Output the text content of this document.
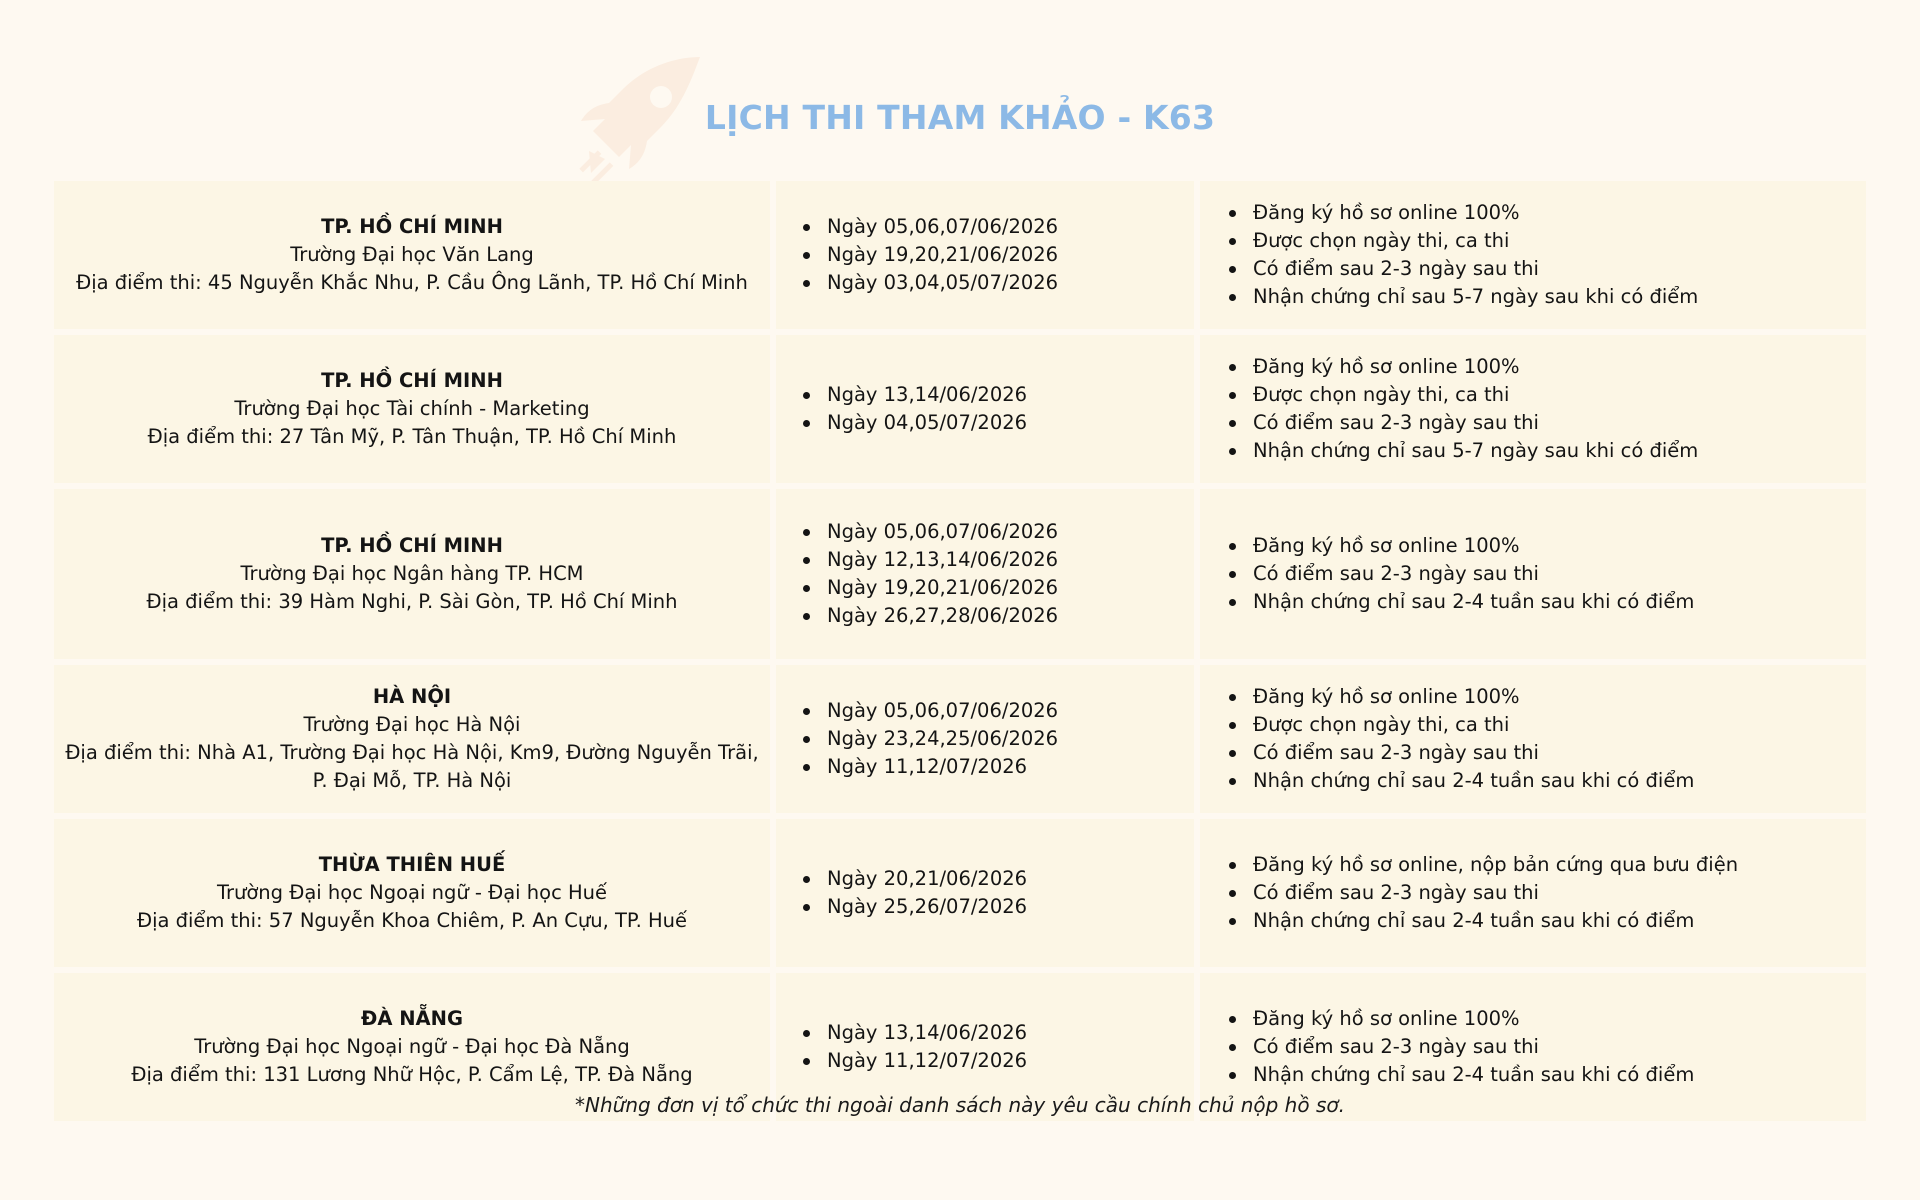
LỊCH THI THAM KHẢO - K63
TP. HỒ CHÍ MINH
Trường Đại học Văn Lang
Địa điểm thi: 45 Nguyễn Khắc Nhu, P. Cầu Ông Lãnh, TP. Hồ Chí Minh
Ngày 05,06,07/06/2026
Ngày 19,20,21/06/2026
Ngày 03,04,05/07/2026
Đăng ký hồ sơ online 100%
Được chọn ngày thi, ca thi
Có điểm sau 2-3 ngày sau thi
Nhận chứng chỉ sau 5-7 ngày sau khi có điểm
TP. HỒ CHÍ MINH
Trường Đại học Tài chính - Marketing
Địa điểm thi: 27 Tân Mỹ, P. Tân Thuận, TP. Hồ Chí Minh
Ngày 13,14/06/2026
Ngày 04,05/07/2026
Đăng ký hồ sơ online 100%
Được chọn ngày thi, ca thi
Có điểm sau 2-3 ngày sau thi
Nhận chứng chỉ sau 5-7 ngày sau khi có điểm
TP. HỒ CHÍ MINH
Trường Đại học Ngân hàng TP. HCM
Địa điểm thi: 39 Hàm Nghi, P. Sài Gòn, TP. Hồ Chí Minh
Ngày 05,06,07/06/2026
Ngày 12,13,14/06/2026
Ngày 19,20,21/06/2026
Ngày 26,27,28/06/2026
Đăng ký hồ sơ online 100%
Có điểm sau 2-3 ngày sau thi
Nhận chứng chỉ sau 2-4 tuần sau khi có điểm
HÀ NỘI
Trường Đại học Hà Nội
Địa điểm thi: Nhà A1, Trường Đại học Hà Nội, Km9, Đường Nguyễn Trãi,
P. Đại Mỗ, TP. Hà Nội
Ngày 05,06,07/06/2026
Ngày 23,24,25/06/2026
Ngày 11,12/07/2026
Đăng ký hồ sơ online 100%
Được chọn ngày thi, ca thi
Có điểm sau 2-3 ngày sau thi
Nhận chứng chỉ sau 2-4 tuần sau khi có điểm
THỪA THIÊN HUẾ
Trường Đại học Ngoại ngữ - Đại học Huế
Địa điểm thi: 57 Nguyễn Khoa Chiêm, P. An Cựu, TP. Huế
Ngày 20,21/06/2026
Ngày 25,26/07/2026
Đăng ký hồ sơ online, nộp bản cứng qua bưu điện
Có điểm sau 2-3 ngày sau thi
Nhận chứng chỉ sau 2-4 tuần sau khi có điểm
ĐÀ NẴNG
Trường Đại học Ngoại ngữ - Đại học Đà Nẵng
Địa điểm thi: 131 Lương Nhữ Hộc, P. Cẩm Lệ, TP. Đà Nẵng
Ngày 13,14/06/2026
Ngày 11,12/07/2026
Đăng ký hồ sơ online 100%
Có điểm sau 2-3 ngày sau thi
Nhận chứng chỉ sau 2-4 tuần sau khi có điểm
*Những đơn vị tổ chức thi ngoài danh sách này yêu cầu chính chủ nộp hồ sơ.
